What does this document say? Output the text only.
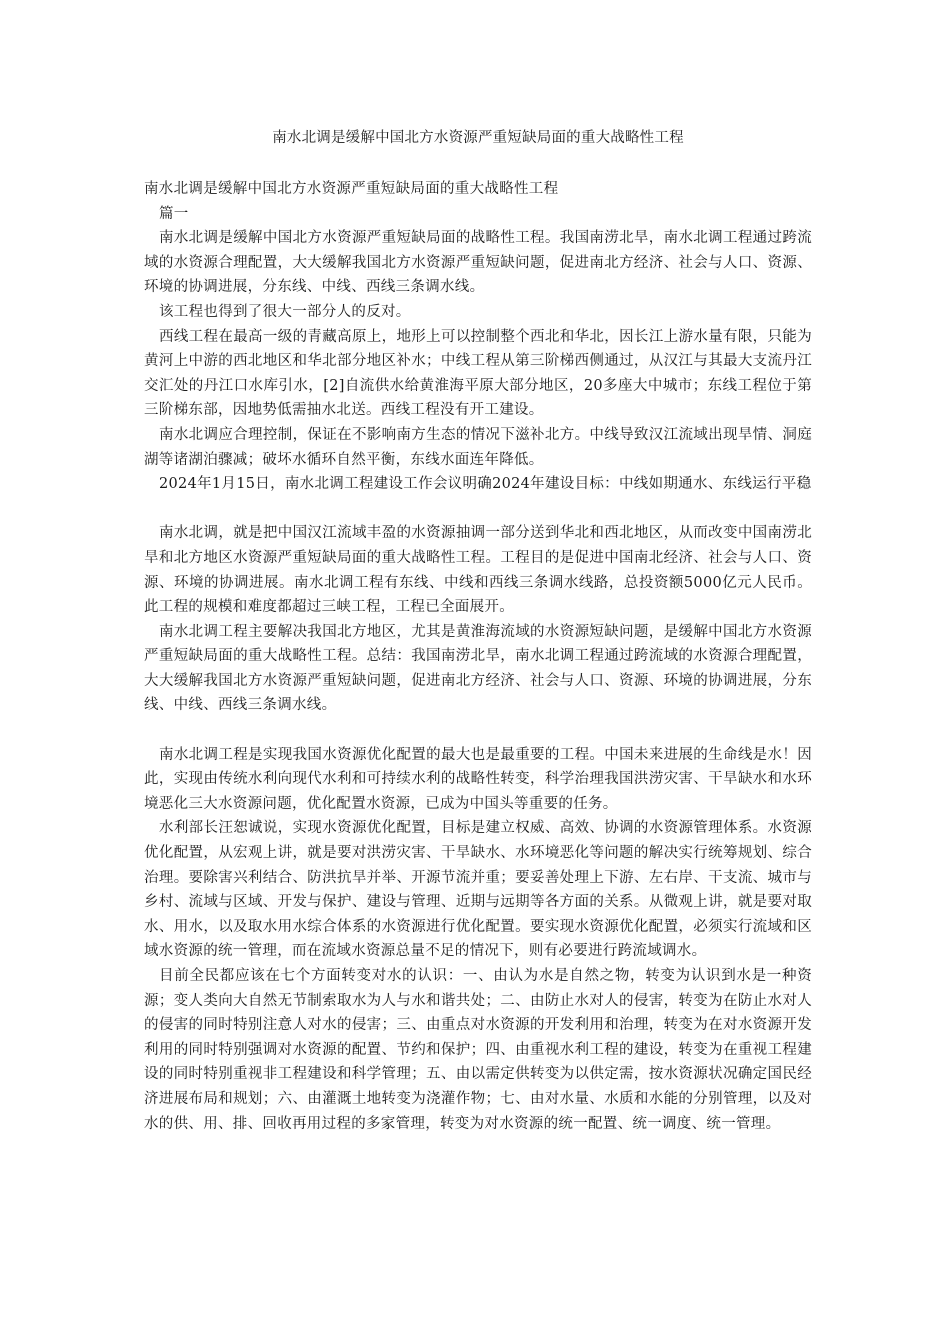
南水北调是缓解中国北方水资源严重短缺局面的重大战略性工程

南水北调是缓解中国北方水资源严重短缺局面的重大战略性工程

篇一

南水北调是缓解中国北方水资源严重短缺局面的战略性工程。我国南涝北旱，南水北调工程通过跨流域的水资源合理配置，大大缓解我国北方水资源严重短缺问题，促进南北方经济、社会与人口、资源、环境的协调进展，分东线、中线、西线三条调水线。

该工程也得到了很大一部分人的反对。

西线工程在最高一级的青藏高原上，地形上可以控制整个西北和华北，因长江上游水量有限，只能为黄河上中游的西北地区和华北部分地区补水；中线工程从第三阶梯西侧通过，从汉江与其最大支流丹江交汇处的丹江口水库引水，[2]自流供水给黄淮海平原大部分地区，20多座大中城市；东线工程位于第三阶梯东部，因地势低需抽水北送。西线工程没有开工建设。

南水北调应合理控制，保证在不影响南方生态的情况下滋补北方。中线导致汉江流域出现旱情、洞庭湖等诸湖泊骤减；破坏水循环自然平衡，东线水面连年降低。

2024年1月15日，南水北调工程建设工作会议明确2024年建设目标：中线如期通水、东线运行平稳

南水北调，就是把中国汉江流域丰盈的水资源抽调一部分送到华北和西北地区，从而改变中国南涝北旱和北方地区水资源严重短缺局面的重大战略性工程。工程目的是促进中国南北经济、社会与人口、资源、环境的协调进展。南水北调工程有东线、中线和西线三条调水线路，总投资额5000亿元人民币。此工程的规模和难度都超过三峡工程，工程已全面展开。

南水北调工程主要解决我国北方地区，尤其是黄淮海流域的水资源短缺问题，是缓解中国北方水资源严重短缺局面的重大战略性工程。总结：我国南涝北旱，南水北调工程通过跨流域的水资源合理配置，大大缓解我国北方水资源严重短缺问题，促进南北方经济、社会与人口、资源、环境的协调进展，分东线、中线、西线三条调水线。

南水北调工程是实现我国水资源优化配置的最大也是最重要的工程。中国未来进展的生命线是水！因此，实现由传统水利向现代水利和可持续水利的战略性转变，科学治理我国洪涝灾害、干旱缺水和水环境恶化三大水资源问题，优化配置水资源，已成为中国头等重要的任务。

水利部长汪恕诚说，实现水资源优化配置，目标是建立权威、高效、协调的水资源管理体系。水资源优化配置，从宏观上讲，就是要对洪涝灾害、干旱缺水、水环境恶化等问题的解决实行统筹规划、综合治理。要除害兴利结合、防洪抗旱并举、开源节流并重；要妥善处理上下游、左右岸、干支流、城市与乡村、流域与区域、开发与保护、建设与管理、近期与远期等各方面的关系。从微观上讲，就是要对取水、用水，以及取水用水综合体系的水资源进行优化配置。要实现水资源优化配置，必须实行流域和区域水资源的统一管理，而在流域水资源总量不足的情况下，则有必要进行跨流域调水。

目前全民都应该在七个方面转变对水的认识：一、由认为水是自然之物，转变为认识到水是一种资源；变人类向大自然无节制索取水为人与水和谐共处；二、由防止水对人的侵害，转变为在防止水对人的侵害的同时特别注意人对水的侵害；三、由重点对水资源的开发利用和治理，转变为在对水资源开发利用的同时特别强调对水资源的配置、节约和保护；四、由重视水利工程的建设，转变为在重视工程建设的同时特别重视非工程建设和科学管理；五、由以需定供转变为以供定需，按水资源状况确定国民经济进展布局和规划；六、由灌溉土地转变为浇灌作物；七、由对水量、水质和水能的分别管理，以及对水的供、用、排、回收再用过程的多家管理，转变为对水资源的统一配置、统一调度、统一管理。
